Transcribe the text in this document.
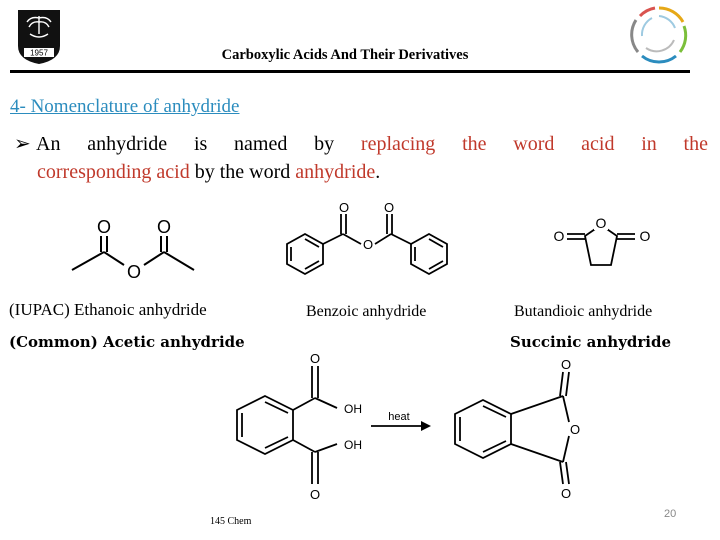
1957	Carboxylic Acids And Their Derivatives
4- Nomenclature of anhydride
➢ An anhydride is named by replacing the word acid in the
corresponding acid by the word anhydride.
O	O
O
O	O
O
O
O	O
(IUPAC) Ethanoic anhydride	Benzoic anhydride	Butandioic anhydride
(Common) Acetic anhydride	Succinic anhydride
heat
O
OH
OH
O
O
O
O
145 Chem
20
